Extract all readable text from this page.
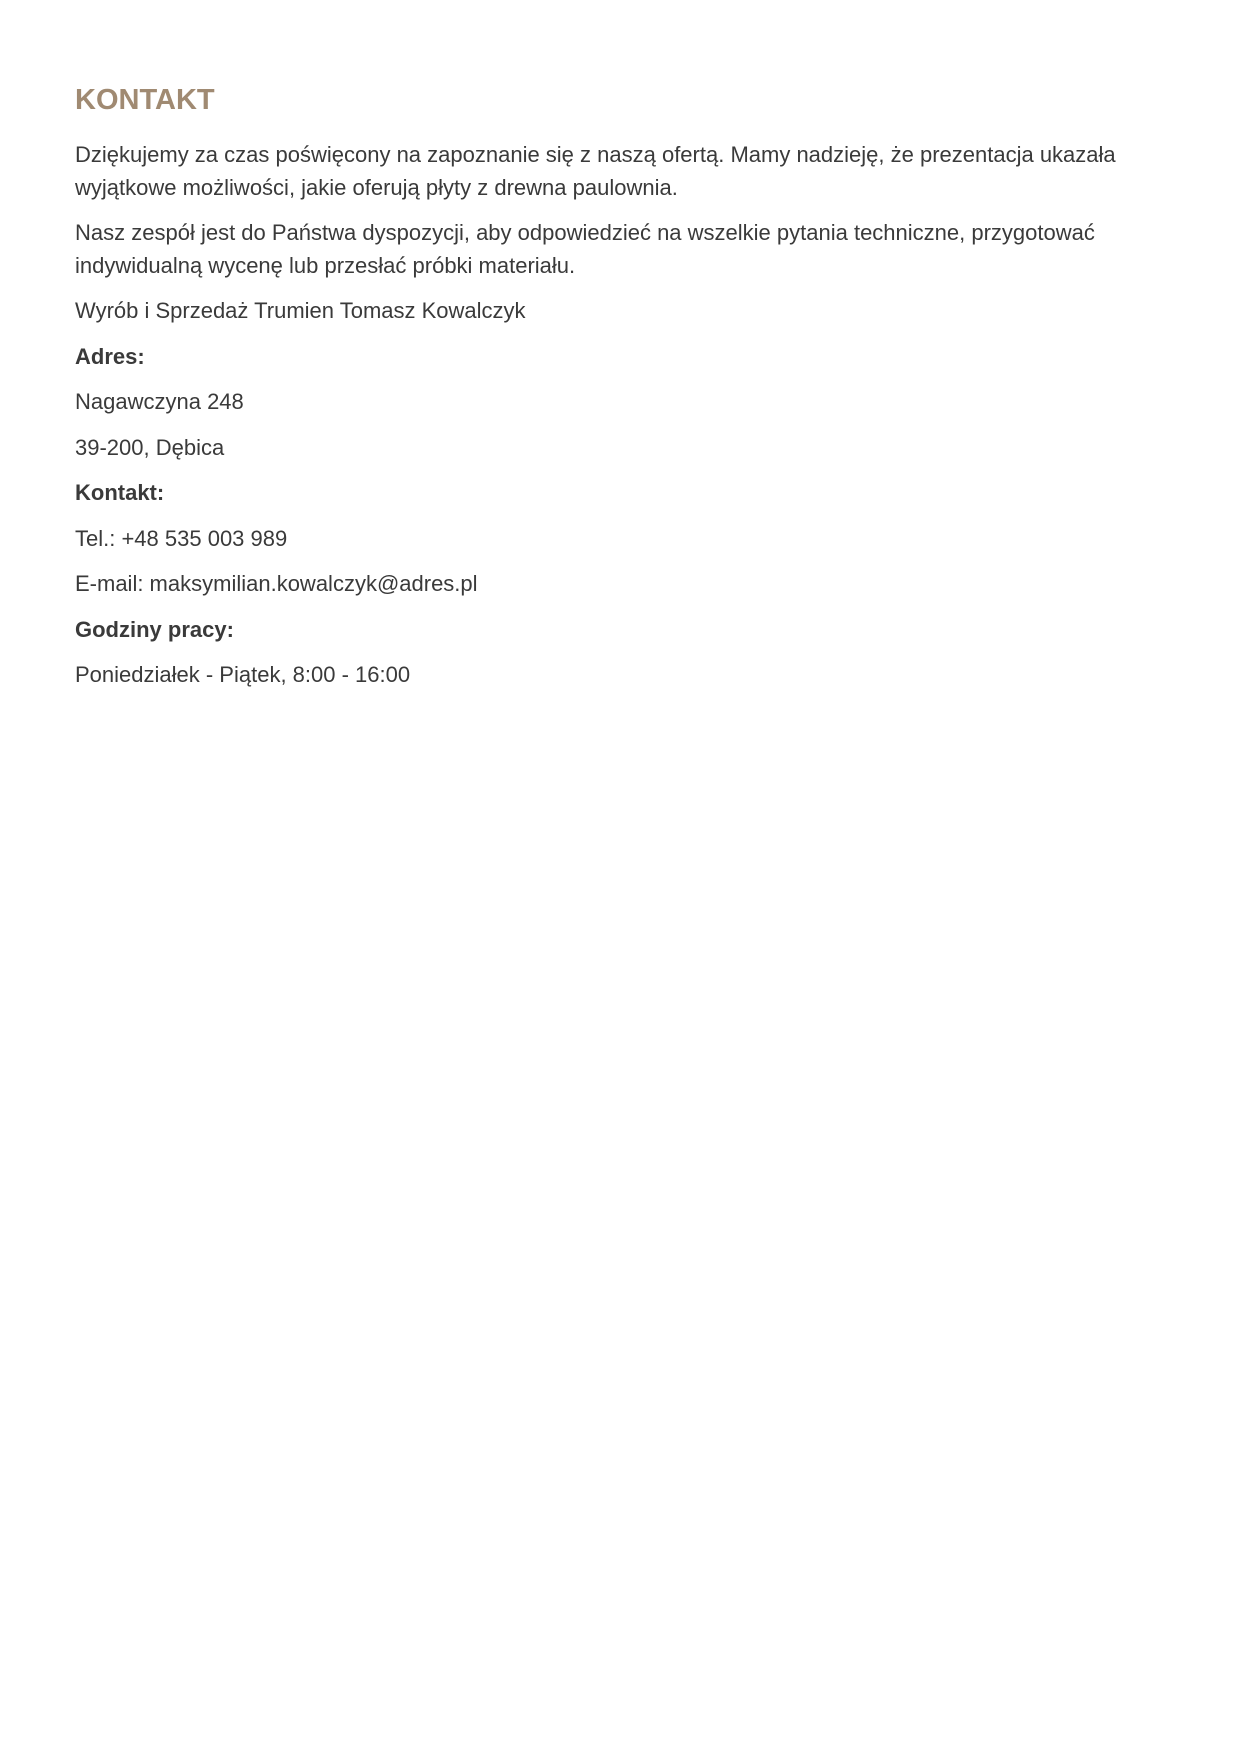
KONTAKT

Dziękujemy za czas poświęcony na zapoznanie się z naszą ofertą. Mamy nadzieję, że prezentacja ukazała wyjątkowe możliwości, jakie oferują płyty z drewna paulownia.

Nasz zespół jest do Państwa dyspozycji, aby odpowiedzieć na wszelkie pytania techniczne, przygotować indywidualną wycenę lub przesłać próbki materiału.

Wyrób i Sprzedaż Trumien Tomasz Kowalczyk

Adres:

Nagawczyna 248

39-200, Dębica

Kontakt:

Tel.: +48 535 003 989

E-mail: maksymilian.kowalczyk@adres.pl

Godziny pracy:

Poniedziałek - Piątek, 8:00 - 16:00
